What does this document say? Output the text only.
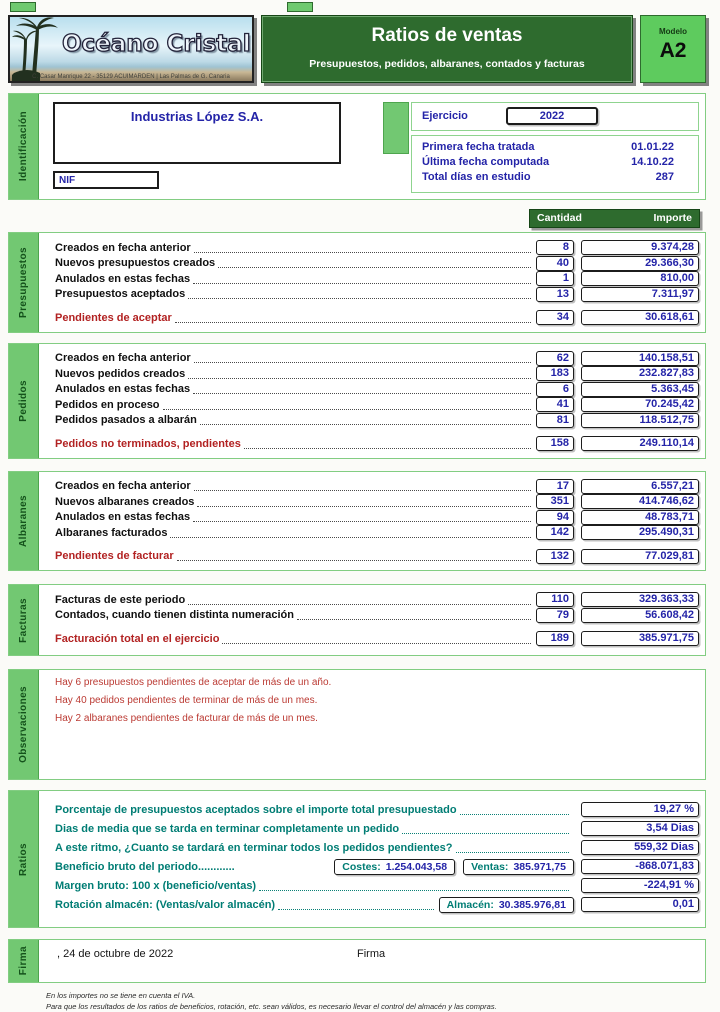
Océano Cristal
C. Casar Manrique 22 - 35129 ACUIMARDEN | Las Palmas de G. Canaria
Ratios de ventas
Presupuestos, pedidos, albaranes, contados y facturas
Modelo
A2
Identificación	Industrias López S.A.
NIF
Ejercicio	2022
Primera fecha tratada	01.01.22
Última fecha computada	14.10.22
Total días en estudio	287
Cantidad	Importe
Presupuestos Creados en fecha anterior	8	9.374,28
Nuevos presupuestos creados	40	29.366,30
Anulados en estas fechas	1	810,00
Presupuestos aceptados	13	7.311,97
Pendientes de aceptar	34	30.618,61
Pedidos
Creados en fecha anterior	62	140.158,51
Nuevos pedidos creados	183	232.827,83
Anulados en estas fechas	6	5.363,45
Pedidos en proceso	41	70.245,42
Pedidos pasados a albarán	81	118.512,75
Pedidos no terminados, pendientes	158	249.110,14
Albaranes
Creados en fecha anterior	17	6.557,21
Nuevos albaranes creados	351	414.746,62
Anulados en estas fechas	94	48.783,71
Albaranes facturados	142	295.490,31
Pendientes de facturar	132	77.029,81
Facturas Facturas de este periodo	110	329.363,33
Contados, cuando tienen distinta numeración	79	56.608,42
Facturación total en el ejercicio	189	385.971,75
Observaciones
Hay 6 presupuestos pendientes de aceptar de más de un año.
Hay 40 pedidos pendientes de terminar de más de un mes.
Hay 2 albaranes pendientes de facturar de más de un mes.
Ratios
Porcentaje de presupuestos aceptados sobre el importe total presupuestado	19,27 %
Dias de media que se tarda en terminar completamente un pedido	3,54 Dias
A este ritmo, ¿Cuanto se tardará en terminar todos los pedidos pendientes?	559,32 Dias
Beneficio bruto del periodo............	Costes: 1.254.043,58 Ventas: 385.971,75	-868.071,83
Margen bruto: 100 x (beneficio/ventas)	-224,91 %
Rotación almacén: (Ventas/valor almacén)	Almacén: 30.385.976,81	0,01
Firma	, 24 de octubre de 2022	Firma
En los importes no se tiene en cuenta el IVA.
Para que los resultados de los ratios de beneficios, rotación, etc. sean válidos, es necesario llevar el control del almacén y las compras.
